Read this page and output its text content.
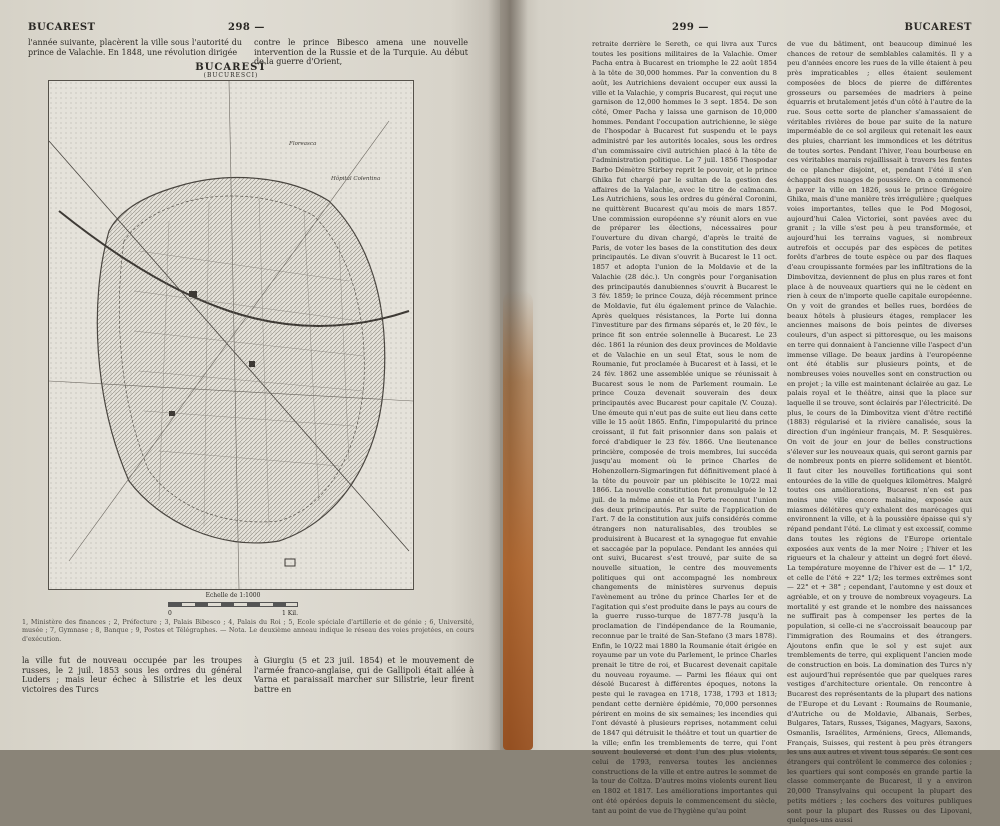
BUCAREST	298 —

l'année suivante, placèrent la ville sous l'autorité du prince de Valachie. En 1848, une révolution dirigée

contre le prince Bibesco amena une nouvelle intervention de la Russie et de la Turquie. Au début de la guerre d'Orient,

BUCAREST
(BUCURESCI)
Hôpital Colentina
Floreasca
Echelle de 1:1000
0	1 Kil.
1, Ministère des finances ; 2, Préfecture ; 3, Palais Bibesco ; 4, Palais du Roi ; 5, Ecole spéciale d'artillerie et de génie ; 6, Université, musée ; 7, Gymnase ; 8, Banque ; 9, Postes et Télégraphes. — Nota. Le deuxième anneau indique le réseau des voies projetées, en cours d'exécution.

la ville fut de nouveau occupée par les troupes russes, le 2 juil. 1853 sous les ordres du général Luders ; mais leur échec à Silistrie et les deux victoires des Turcs

à Giurgiu (5 et 23 juil. 1854) et le mouvement de l'armée franco-anglaise, qui de Gallipoli était allée à Varna et paraissait marcher sur Silistrie, leur firent battre en

299 —	BUCAREST

retraite derrière le Sereth, ce qui livra aux Turcs toutes les positions militaires de la Valachie. Omer Pacha entra à Bucarest en triomphe le 22 août 1854 à la tête de 30,000 hommes. Par la convention du 8 août, les Autrichiens devaient occuper eux aussi la ville et la Valachie, y compris Bucarest, qui reçut une garnison de 12,000 hommes le 3 sept. 1854. De son côté, Omer Pacha y laissa une garnison de 10,000 hommes. Pendant l'occupation autrichienne, le siège de l'hospodar à Bucarest fut suspendu et le pays administré par les autorités locales, sous les ordres d'un commissaire civil autrichien placé à la tête de l'administration politique. Le 7 juil. 1856 l'hospodar Barbo Démètre Stirbey reprit le pouvoir, et le prince Ghika fut chargé par le sultan de la gestion des affaires de la Valachie, avec le titre de caïmacam. Les Autrichiens, sous les ordres du général Coronini, ne quittèrent Bucarest qu'au mois de mars 1857. Une commission européenne s'y réunit alors en vue de préparer les élections, nécessaires pour l'ouverture du divan chargé, d'après le traité de Paris, de voter les bases de la constitution des deux principautés. Le divan s'ouvrit à Bucarest le 11 oct. 1857 et adopta l'union de la Moldavie et de la Valachie (28 déc.). Un congrès pour l'organisation des principautés danubiennes s'ouvrit à Bucarest le 3 fév. 1859; le prince Couza, déjà récemment prince de Moldavie, fut élu également prince de Valachie. Après quelques résistances, la Porte lui donna l'investiture par des firmans séparés et, le 20 fév., le prince fit son entrée solennelle à Bucarest. Le 23 déc. 1861 la réunion des deux provinces de Moldavie et de Valachie en un seul État, sous le nom de Roumanie, fut proclamée à Bucarest et à Iassi, et le 24 fév. 1862 une assemblée unique se réunissait à Bucarest sous le nom de Parlement roumain. Le prince Couza devenait souverain des deux principautés avec Bucarest pour capitale (V. Couza). Une émeute qui n'eut pas de suite eut lieu dans cette ville le 15 août 1865. Enfin, l'impopularité du prince croissant, il fut fait prisonnier dans son palais et forcé d'abdiquer le 23 fév. 1866. Une lieutenance princière, composée de trois membres, lui succéda jusqu'au moment où le prince Charles de Hohenzollern-Sigmaringen fut définitivement placé à la tête du pouvoir par un plébiscite le 10/22 mai 1866. La nouvelle constitution fut promulguée le 12 juil. de la même année et la Porte reconnut l'union des deux principautés. Par suite de l'application de l'art. 7 de la constitution aux juifs considérés comme étrangers non naturalisables, des troubles se produisirent à Bucarest et la synagogue fut envahie et saccagée par la populace. Pendant les années qui ont suivi, Bucarest s'est trouvé, par suite de sa nouvelle situation, le centre des mouvements politiques qui ont accompagné les nombreux changements de ministères survenus depuis l'avènement au trône du prince Charles Ier et de l'agitation qui s'est produite dans le pays au cours de la guerre russo-turque de 1877-78 jusqu'à la proclamation de l'indépendance de la Roumanie, reconnue par le traité de San-Stefano (3 mars 1878). Enfin, le 10/22 mai 1880 la Roumanie était érigée en royaume par un vote du Parlement, le prince Charles prenait le titre de roi, et Bucarest devenait capitale du nouveau royaume. — Parmi les fléaux qui ont désolé Bucarest à différentes époques, notons la peste qui le ravagea en 1718, 1738, 1793 et 1813; pendant cette dernière épidémie, 70,000 personnes périrent en moins de six semaines; les incendies qui l'ont dévasté à plusieurs reprises, notamment celui de 1847 qui détruisit le théâtre et tout un quartier de la ville; enfin les tremblements de terre, qui l'ont souvent bouleversé et dont l'un des plus violents, celui de 1793, renversa toutes les anciennes constructions de la ville et entre autres le sommet de la tour de Coltza. D'autres moins violents eurent lieu en 1802 et 1817. Les améliorations importantes qui ont été opérées depuis le commencement du siècle, tant au point de vue de l'hygiène qu'au point

de vue du bâtiment, ont beaucoup diminué les chances de retour de semblables calamités. Il y a peu d'années encore les rues de la ville étaient à peu près impraticables ; elles étaient seulement composées de blocs de pierre de différentes grosseurs ou parsemées de madriers à peine équarris et brutalement jetés d'un côté à l'autre de la rue. Sous cette sorte de plancher s'amassaient de véritables rivières de boue par suite de la nature imperméable de ce sol argileux qui retenait les eaux des pluies, charriant les immondices et les détritus de toutes sortes. Pendant l'hiver, l'eau bourbeuse en ces véritables marais rejaillissait à travers les fentes de ce plancher disjoint, et, pendant l'été il s'en échappait des nuages de poussière. On a commencé à paver la ville en 1826, sous le prince Grégoire Ghika, mais d'une manière très irrégulière ; quelques voies importantes, telles que le Pod Mogosoi, aujourd'hui Calea Victoriei, sont pavées avec du granit ; la ville s'est peu à peu transformée, et aujourd'hui les terrains vagues, si nombreux autrefois et occupés par des espèces de petites forêts d'arbres de toute espèce ou par des flaques d'eau croupissante formées par les infiltrations de la Dimbovitza, deviennent de plus en plus rares et font place à de nouveaux quartiers qui ne le cèdent en rien à ceux de n'importe quelle capitale européenne. On y voit de grandes et belles rues, bordées de beaux hôtels à plusieurs étages, remplacer les anciennes maisons de bois peintes de diverses couleurs, d'un aspect si pittoresque, ou les maisons en terre qui donnaient à l'ancienne ville l'aspect d'un immense village. De beaux jardins à l'européenne ont été établis sur plusieurs points, et de nombreuses voies nouvelles sont en construction ou en projet ; la ville est maintenant éclairée au gaz. Le palais royal et le théâtre, ainsi que la place sur laquelle il se trouve, sont éclairés par l'électricité. De plus, le cours de la Dimbovitza vient d'être rectifié (1883) régularisé et la rivière canalisée, sous la direction d'un ingénieur français, M. P. Sesquières. On voit de jour en jour de belles constructions s'élever sur les nouveaux quais, qui seront garnis par de nombreux ponts en pierre solidement et bientôt. Il faut citer les nouvelles fortifications qui sont entourées de la ville de quelques kilomètres. Malgré toutes ces améliorations, Bucarest n'en est pas moins une ville encore malsaine, exposée aux miasmes délétères qu'y exhalent des marécages qui environnent la ville, et à la poussière épaisse qui s'y répand pendant l'été. Le climat y est excessif, comme dans toutes les régions de l'Europe orientale exposées aux vents de la mer Noire ; l'hiver et les rigueurs et la chaleur y atteint un degré fort élevé. La température moyenne de l'hiver est de — 1° 1/2, et celle de l'été + 22° 1/2; les termes extrêmes sont — 22° et + 38° ; cependant, l'automne y est doux et agréable, et on y trouve de nombreux voyageurs. La mortalité y est grande et le nombre des naissances ne suffirait pas à compenser les pertes de la population, si celle-ci ne s'accroissait beaucoup par l'immigration des Roumains et des étrangers. Ajoutons enfin que le sol y est sujet aux tremblements de terre, qui expliquent l'ancien mode de construction en bois. La domination des Turcs n'y est aujourd'hui représentée que par quelques rares vestiges d'architecture orientale. On rencontre à Bucarest des représentants de la plupart des nations de l'Europe et du Levant : Roumains de Roumanie, d'Autriche ou de Moldavie, Albanais, Serbes, Bulgares, Tatars, Russes, Tsiganes, Magyars, Saxons, Osmanlis, Israélites, Arméniens, Grecs, Allemands, Français, Suisses, qui restent à peu près étrangers les uns aux autres et vivent tous séparés. Ce sont ces étrangers qui contrôlent le commerce des colonies ; les quartiers qui sont composés en grande partie la classe commerçante de Bucarest, il y a environ 20,000 Transylvains qui occupent la plupart des petits métiers ; les cochers des voitures publiques sont pour la plupart des Russes ou des Lipovani, quelques-uns aussi
